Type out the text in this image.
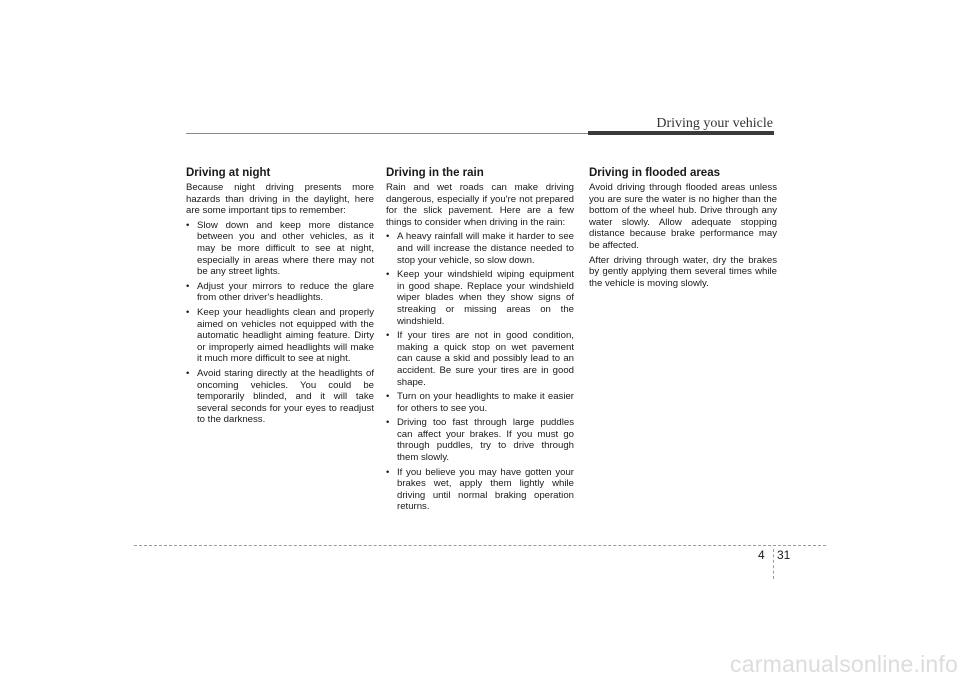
Driving your vehicle
Driving at night

Because night driving presents more hazards than driving in the daylight, here are some important tips to remember:

• Slow down and keep more distance between you and other vehicles, as it may be more difficult to see at night, especially in areas where there may not be any street lights.
• Adjust your mirrors to reduce the glare from other driver's headlights.
• Keep your headlights clean and properly aimed on vehicles not equipped with the automatic headlight aiming feature. Dirty or improperly aimed headlights will make it much more difficult to see at night.
• Avoid staring directly at the headlights of oncoming vehicles. You could be temporarily blinded, and it will take several seconds for your eyes to readjust to the darkness.
Driving in the rain

Rain and wet roads can make driving dangerous, especially if you're not prepared for the slick pavement. Here are a few things to consider when driving in the rain:

• A heavy rainfall will make it harder to see and will increase the distance needed to stop your vehicle, so slow down.
• Keep your windshield wiping equipment in good shape. Replace your windshield wiper blades when they show signs of streaking or missing areas on the windshield.
• If your tires are not in good condition, making a quick stop on wet pavement can cause a skid and possibly lead to an accident. Be sure your tires are in good shape.
• Turn on your headlights to make it easier for others to see you.
• Driving too fast through large puddles can affect your brakes. If you must go through puddles, try to drive through them slowly.
• If you believe you may have gotten your brakes wet, apply them lightly while driving until normal braking operation returns.
Driving in flooded areas

Avoid driving through flooded areas unless you are sure the water is no higher than the bottom of the wheel hub. Drive through any water slowly. Allow adequate stopping distance because brake performance may be affected.

After driving through water, dry the brakes by gently applying them several times while the vehicle is moving slowly.

4 31
carmanualsonline.info
